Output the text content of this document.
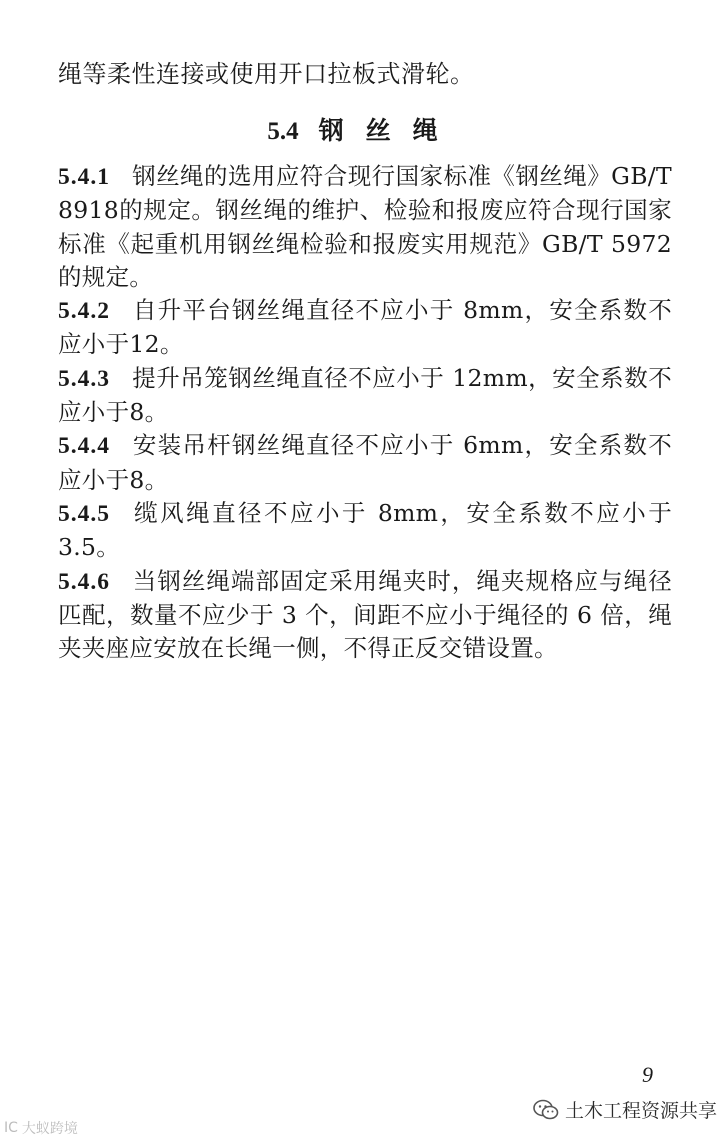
绳等柔性连接或使用开口拉板式滑轮。
5.4 钢丝绳

5.4.1 钢丝绳的选用应符合现行国家标准《钢丝绳》GB/T 8918的规定。钢丝绳的维护、检验和报废应符合现行国家标准《起重机用钢丝绳检验和报废实用规范》GB/T 5972 的规定。

5.4.2 自升平台钢丝绳直径不应小于 8mm，安全系数不应小于12。

5.4.3 提升吊笼钢丝绳直径不应小于 12mm，安全系数不应小于8。

5.4.4 安装吊杆钢丝绳直径不应小于 6mm，安全系数不应小于8。

5.4.5 缆风绳直径不应小于 8mm，安全系数不应小于 3.5。

5.4.6 当钢丝绳端部固定采用绳夹时，绳夹规格应与绳径匹配，数量不应少于 3 个，间距不应小于绳径的 6 倍，绳夹夹座应安放在长绳一侧，不得正反交错设置。

9
IC 大蚁跨境
土木工程资源共享
